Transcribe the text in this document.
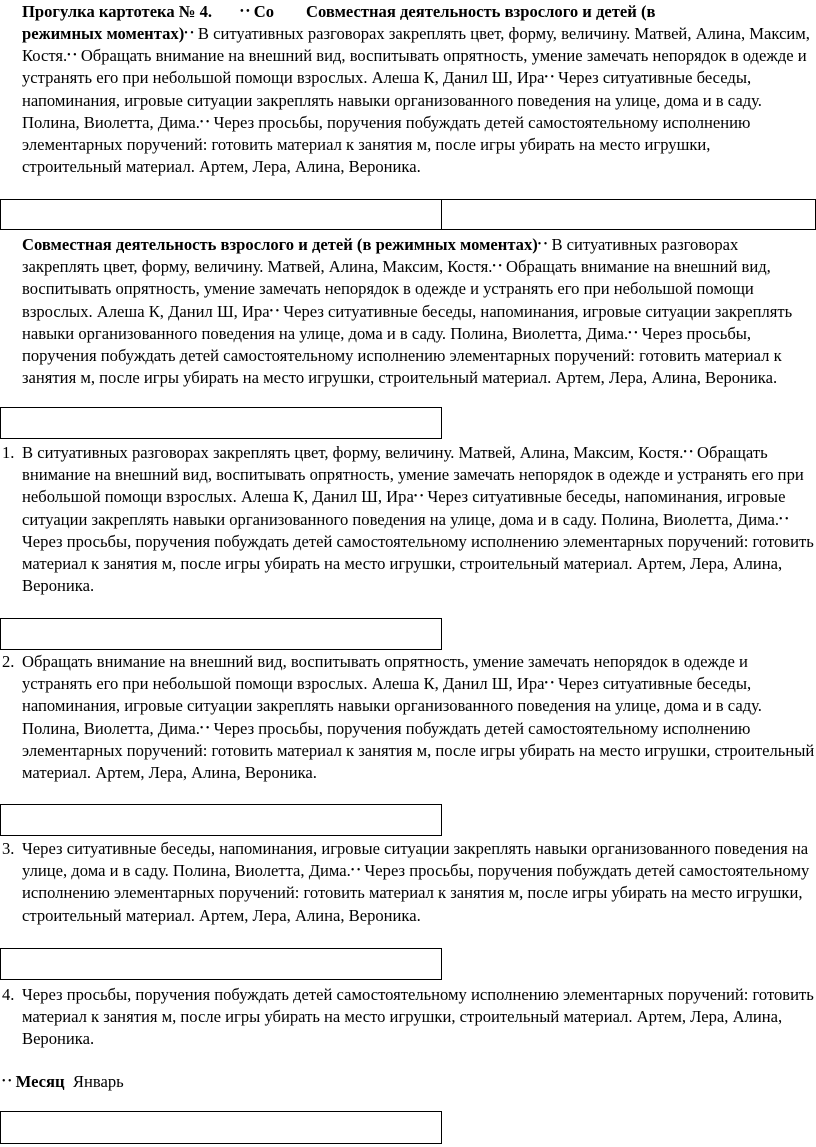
Прогулка картотека № 4.	• • Со Совместная деятельность взрослого и детей (в
режимных моментах)• • В ситуативных разговорах закреплять цвет, форму, величину. Матвей, Алина, Максим, Костя.• • Обращать внимание на внешний вид, воспитывать опрятность, умение замечать непорядок в одежде и устранять его при небольшой помощи взрослых. Алеша К, Данил Ш, Ира• • Через ситуативные беседы, напоминания, игровые ситуации закреплять навыки организованного поведения на улице, дома и в саду. Полина, Виолетта, Дима.• • Через просьбы, поручения побуждать детей самостоятельному исполнению элементарных поручений: готовить материал к занятия м, после игры убирать на место игрушки, строительный материал. Артем, Лера, Алина, Вероника.
Совместная деятельность взрослого и детей (в режимных моментах)• • В ситуативных разговорах закреплять цвет, форму, величину. Матвей, Алина, Максим, Костя.• • Обращать внимание на внешний вид, воспитывать опрятность, умение замечать непорядок в одежде и устранять его при небольшой помощи взрослых. Алеша К, Данил Ш, Ира• • Через ситуативные беседы, напоминания, игровые ситуации закреплять навыки организованного поведения на улице, дома и в саду. Полина, Виолетта, Дима.• • Через просьбы, поручения побуждать детей самостоятельному исполнению элементарных поручений: готовить материал к занятия м, после игры убирать на место игрушки, строительный материал. Артем, Лера, Алина, Вероника.
1. В ситуативных разговорах закреплять цвет, форму, величину. Матвей, Алина, Максим, Костя.• • Обращать внимание на внешний вид, воспитывать опрятность, умение замечать непорядок в одежде и устранять его при небольшой помощи взрослых. Алеша К, Данил Ш, Ира• • Через ситуативные беседы, напоминания, игровые ситуации закреплять навыки организованного поведения на улице, дома и в саду. Полина, Виолетта, Дима.• • Через просьбы, поручения побуждать детей самостоятельному исполнению элементарных поручений: готовить материал к занятия м, после игры убирать на место игрушки, строительный материал. Артем, Лера, Алина, Вероника.
2. Обращать внимание на внешний вид, воспитывать опрятность, умение замечать непорядок в одежде и устранять его при небольшой помощи взрослых. Алеша К, Данил Ш, Ира• • Через ситуативные беседы, напоминания, игровые ситуации закреплять навыки организованного поведения на улице, дома и в саду. Полина, Виолетта, Дима.• • Через просьбы, поручения побуждать детей самостоятельному исполнению элементарных поручений: готовить материал к занятия м, после игры убирать на место игрушки, строительный материал. Артем, Лера, Алина, Вероника.
3. Через ситуативные беседы, напоминания, игровые ситуации закреплять навыки организованного поведения на улице, дома и в саду. Полина, Виолетта, Дима.• • Через просьбы, поручения побуждать детей самостоятельному исполнению элементарных поручений: готовить материал к занятия м, после игры убирать на место игрушки, строительный материал. Артем, Лера, Алина, Вероника.
4. Через просьбы, поручения побуждать детей самостоятельному исполнению элементарных поручений: готовить материал к занятия м, после игры убирать на место игрушки, строительный материал. Артем, Лера, Алина, Вероника.
• • Месяц Январь
